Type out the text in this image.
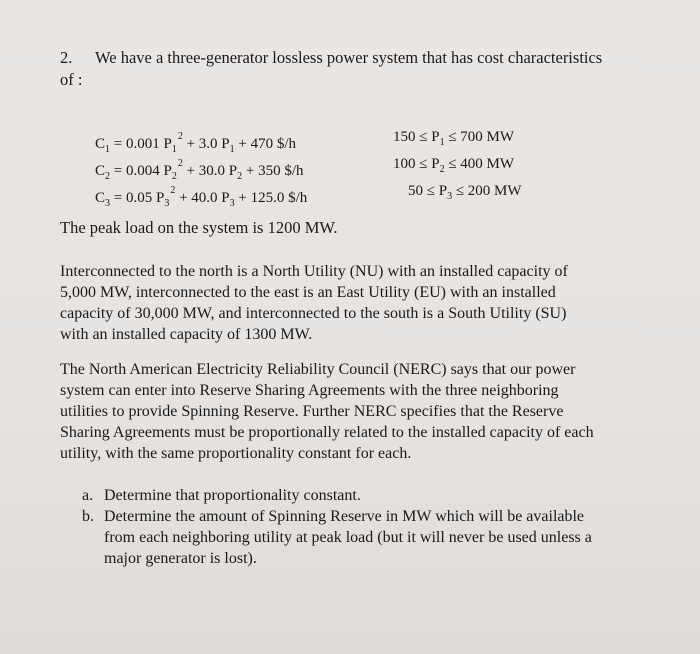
2. We have a three-generator lossless power system that has cost characteristics
of :
$C_1 = 0.001$ $P_1^2 + 3.0$ $P_1 + 470$ $/h	$150 \le P_1 \le 700$ MW
$C_2 = 0.004$ $P_2^2 + 30.0$ $P_2 + 350$ $/h	$100 \le P_2 \le 400$ MW
$C_3 = 0.05$ $P_3^2 + 40.0$ $P_3 + 125.0$ $/h	$50 \le P_3 \le 200$ MW
The peak load on the system is 1200 MW.
Interconnected to the north is a North Utility (NU) with an installed capacity of
5,000 MW, interconnected to the east is an East Utility (EU) with an installed
capacity of 30,000 MW, and interconnected to the south is a South Utility (SU)
with an installed capacity of 1300 MW.
The North American Electricity Reliability Council (NERC) says that our power
system can enter into Reserve Sharing Agreements with the three neighboring
utilities to provide Spinning Reserve. Further NERC specifies that the Reserve
Sharing Agreements must be proportionally related to the installed capacity of each
utility, with the same proportionality constant for each.
a. Determine that proportionality constant.
b. Determine the amount of Spinning Reserve in MW which will be available
from each neighboring utility at peak load (but it will never be used unless a
major generator is lost).
